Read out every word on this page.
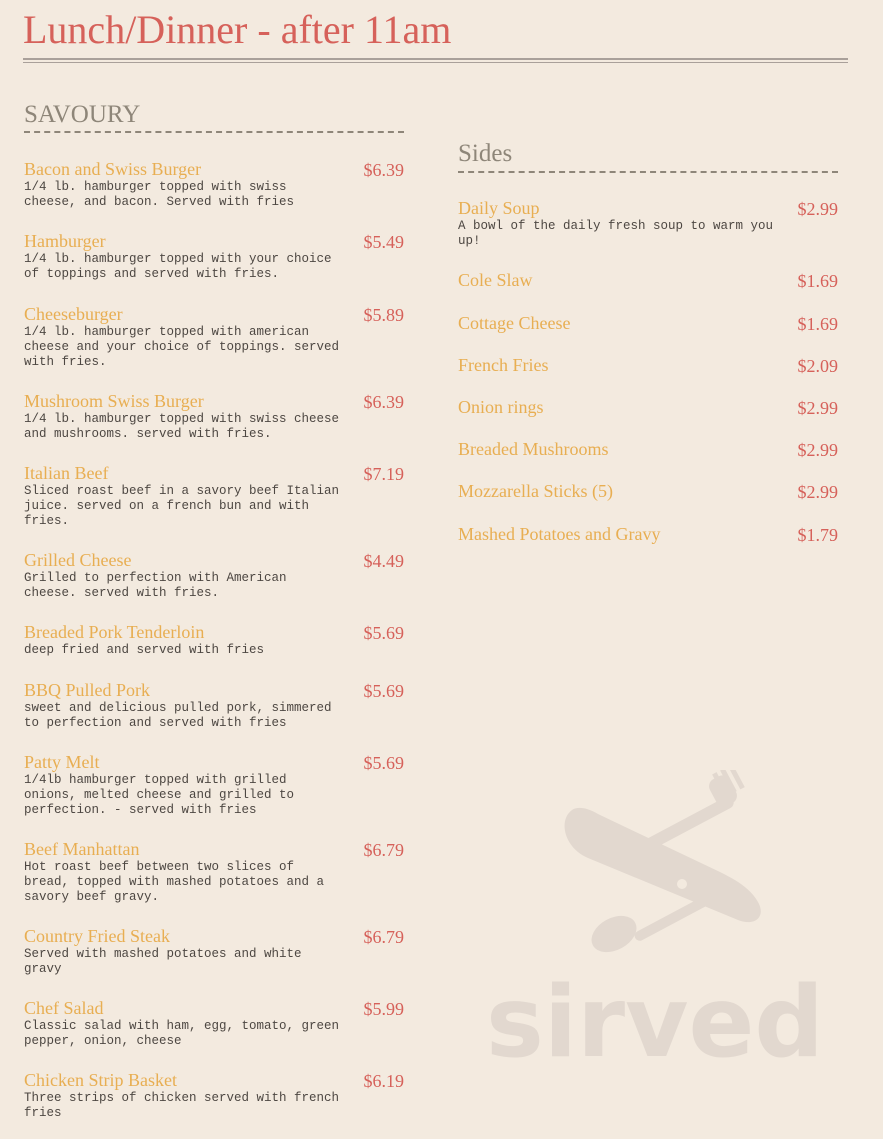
Lunch/Dinner - after 11am
SAVOURY
Bacon and Swiss Burger	$6.39
1/4 lb. hamburger topped with swiss
cheese, and bacon. Served with fries
Hamburger	$5.49
1/4 lb. hamburger topped with your choice
of toppings and served with fries.
Cheeseburger	$5.89
1/4 lb. hamburger topped with american
cheese and your choice of toppings. served
with fries.
Mushroom Swiss Burger	$6.39
1/4 lb. hamburger topped with swiss cheese
and mushrooms. served with fries.
Italian Beef	$7.19
Sliced roast beef in a savory beef Italian
juice. served on a french bun and with
fries.
Grilled Cheese	$4.49
Grilled to perfection with American
cheese. served with fries.
Breaded Pork Tenderloin	$5.69
deep fried and served with fries
BBQ Pulled Pork	$5.69
sweet and delicious pulled pork, simmered
to perfection and served with fries
Patty Melt	$5.69
1/4lb hamburger topped with grilled
onions, melted cheese and grilled to
perfection. - served with fries
Beef Manhattan	$6.79
Hot roast beef between two slices of
bread, topped with mashed potatoes and a
savory beef gravy.
Country Fried Steak	$6.79
Served with mashed potatoes and white
gravy
Chef Salad	$5.99
Classic salad with ham, egg, tomato, green
pepper, onion, cheese
Chicken Strip Basket	$6.19
Three strips of chicken served with french
fries
Sides
Daily Soup	$2.99
A bowl of the daily fresh soup to warm you
up!
Cole Slaw	$1.69
Cottage Cheese	$1.69
French Fries	$2.09
Onion rings	$2.99
Breaded Mushrooms	$2.99
Mozzarella Sticks (5)	$2.99
Mashed Potatoes and Gravy	$1.79
sirved
